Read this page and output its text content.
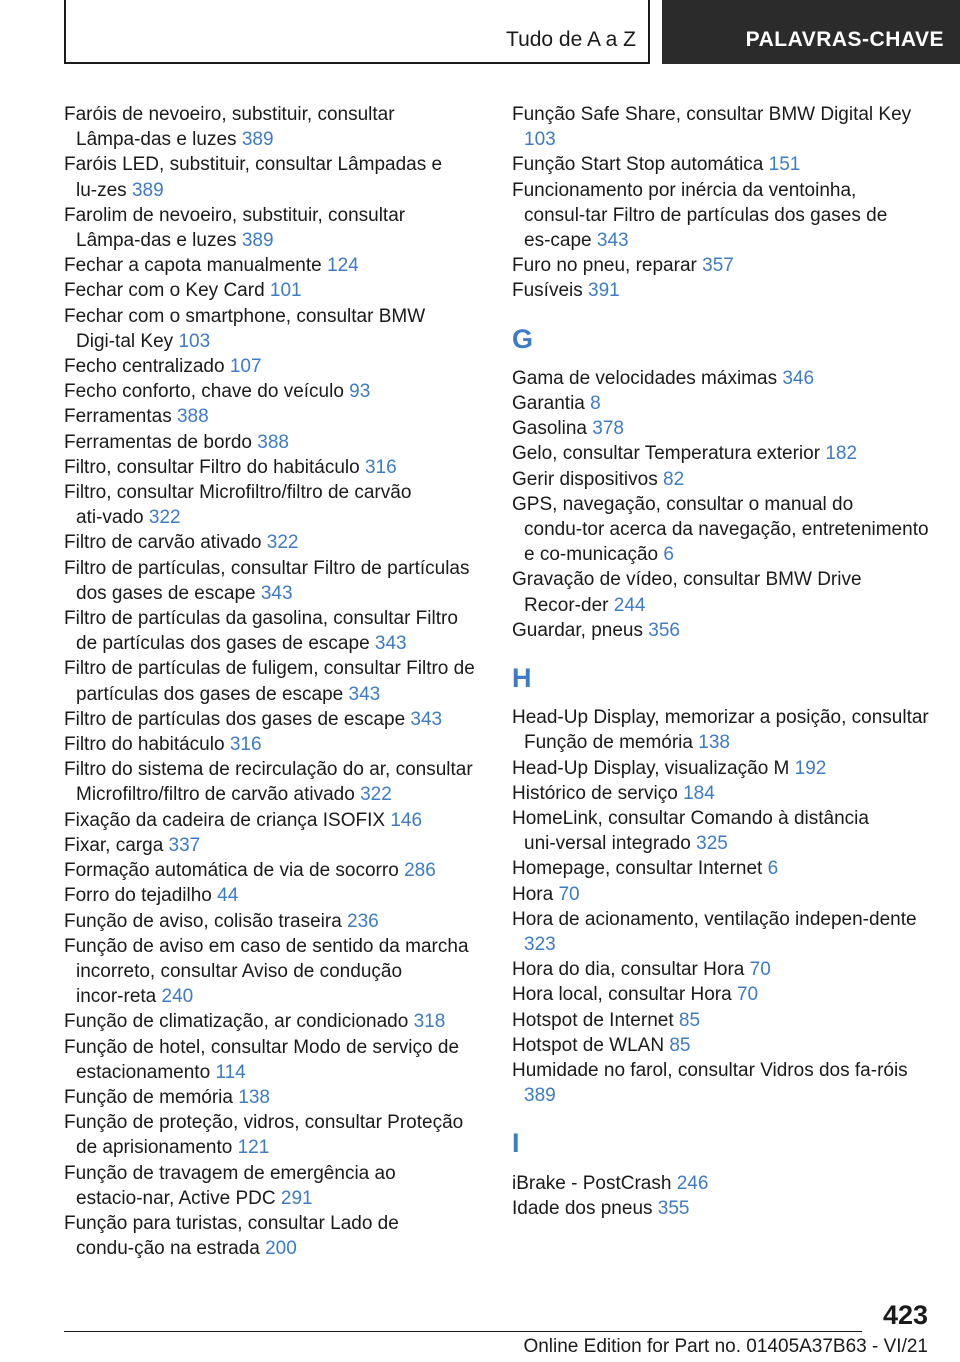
Tudo de A a Z	PALAVRAS-CHAVE
Faróis de nevoeiro, substituir, consultar Lâmpa‑das e luzes 389
Faróis LED, substituir, consultar Lâmpadas e lu‑zes 389
Farolim de nevoeiro, substituir, consultar Lâmpa‑das e luzes 389
Fechar a capota manualmente 124
Fechar com o Key Card 101
Fechar com o smartphone, consultar BMW Digi‑tal Key 103
Fecho centralizado 107
Fecho conforto, chave do veículo 93
Ferramentas 388
Ferramentas de bordo 388
Filtro, consultar Filtro do habitáculo 316
Filtro, consultar Microfiltro/filtro de carvão ati‑vado 322
Filtro de carvão ativado 322
Filtro de partículas, consultar Filtro de partículas dos gases de escape 343
Filtro de partículas da gasolina, consultar Filtro de partículas dos gases de escape 343
Filtro de partículas de fuligem, consultar Filtro de partículas dos gases de escape 343
Filtro de partículas dos gases de escape 343
Filtro do habitáculo 316
Filtro do sistema de recirculação do ar, consultar Microfiltro/filtro de carvão ativado 322
Fixação da cadeira de criança ISOFIX 146
Fixar, carga 337
Formação automática de via de socorro 286
Forro do tejadilho 44
Função de aviso, colisão traseira 236
Função de aviso em caso de sentido da marcha incorreto, consultar Aviso de condução incor‑reta 240
Função de climatização, ar condicionado 318
Função de hotel, consultar Modo de serviço de estacionamento 114
Função de memória 138
Função de proteção, vidros, consultar Proteção de aprisionamento 121
Função de travagem de emergência ao estacio‑nar, Active PDC 291
Função para turistas, consultar Lado de condu‑ção na estrada 200
Função Safe Share, consultar BMW Digital Key 103
Função Start Stop automática 151
Funcionamento por inércia da ventoinha, consul‑tar Filtro de partículas dos gases de es‑cape 343
Furo no pneu, reparar 357
Fusíveis 391
G
Gama de velocidades máximas 346
Garantia 8
Gasolina 378
Gelo, consultar Temperatura exterior 182
Gerir dispositivos 82
GPS, navegação, consultar o manual do condu‑tor acerca da navegação, entretenimento e co‑municação 6
Gravação de vídeo, consultar BMW Drive Recor‑der 244
Guardar, pneus 356
H
Head-Up Display, memorizar a posição, consultar Função de memória 138
Head-Up Display, visualização M 192
Histórico de serviço 184
HomeLink, consultar Comando à distância uni‑versal integrado 325
Homepage, consultar Internet 6
Hora 70
Hora de acionamento, ventilação indepen‑dente 323
Hora do dia, consultar Hora 70
Hora local, consultar Hora 70
Hotspot de Internet 85
Hotspot de WLAN 85
Humidade no farol, consultar Vidros dos fa‑róis 389
I
iBrake - PostCrash 246
Idade dos pneus 355
423
Online Edition for Part no. 01405A37B63 - VI/21
